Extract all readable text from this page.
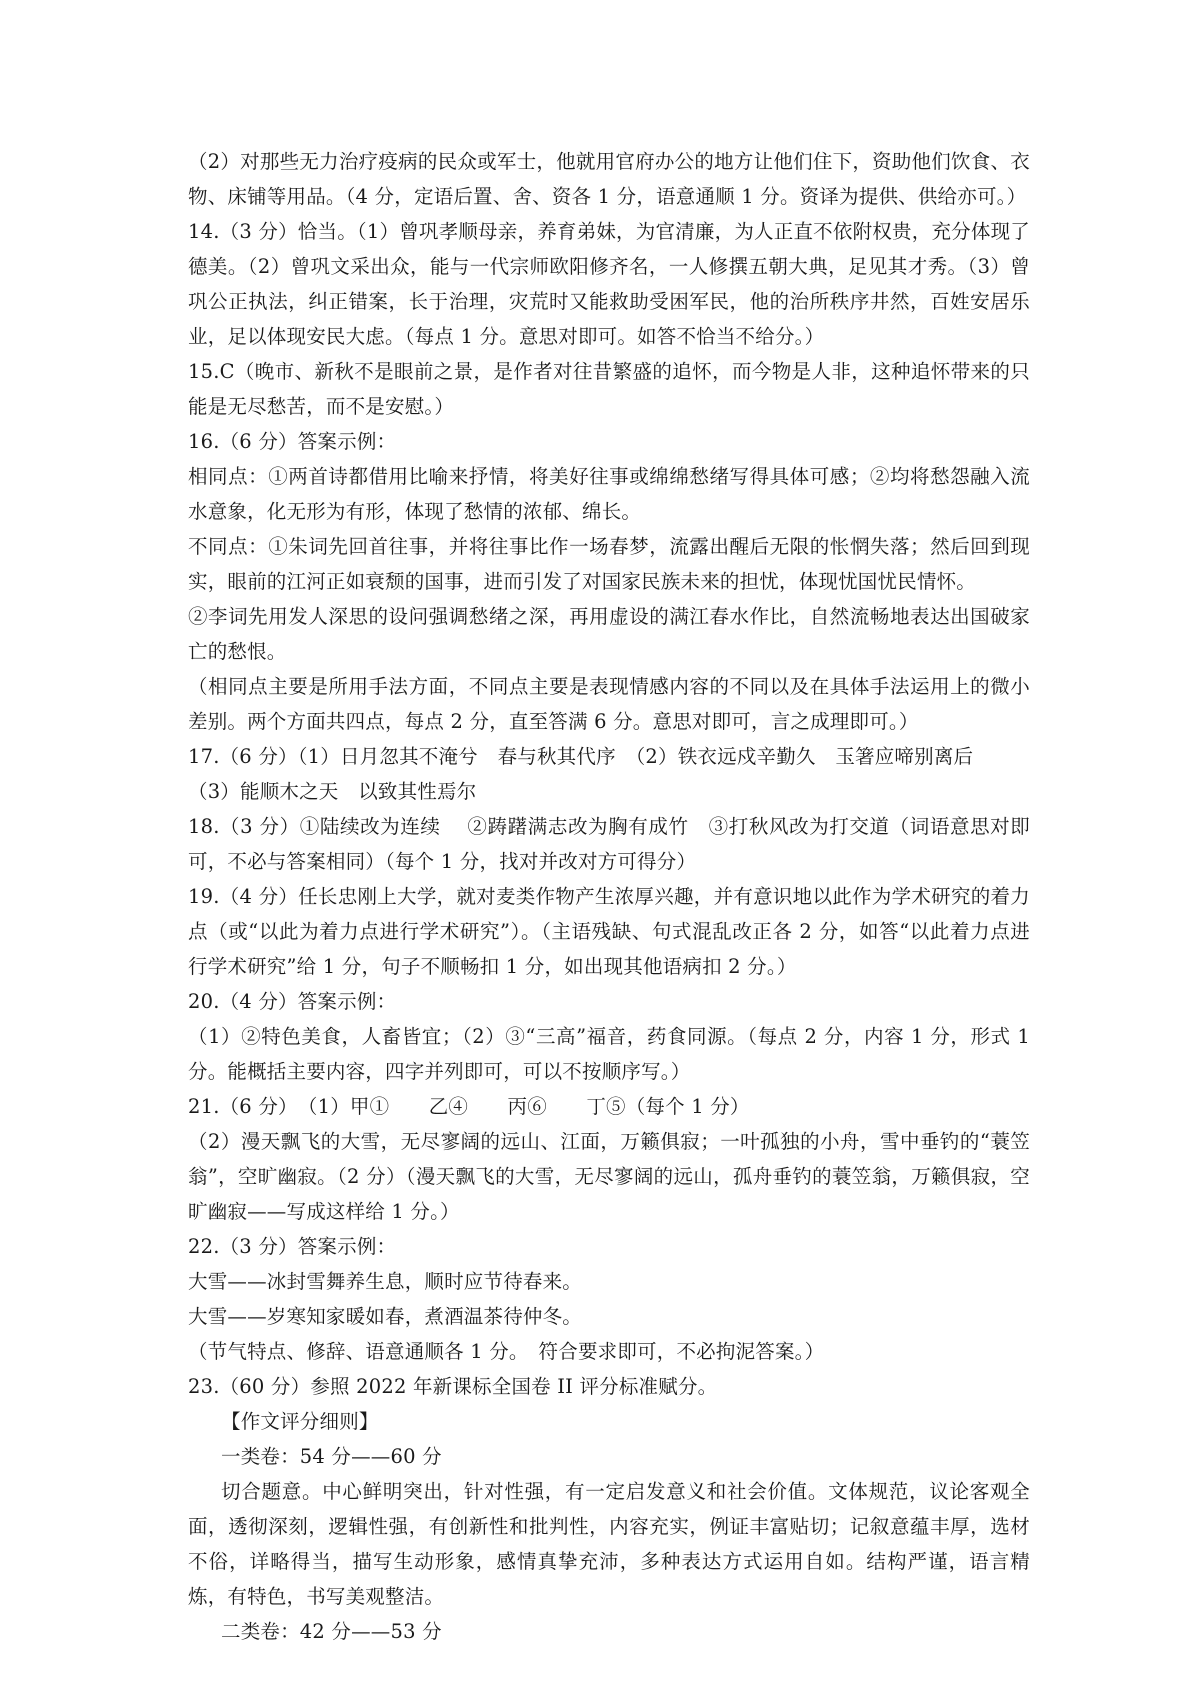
（2）对那些无力治疗疫病的民众或军士，他就用官府办公的地方让他们住下，资助他们饮食、衣物、床铺等用品。（4 分，定语后置、舍、资各 1 分，语意通顺 1 分。资译为提供、供给亦可。）

14.（3 分）恰当。（1）曾巩孝顺母亲，养育弟妹，为官清廉，为人正直不依附权贵，充分体现了德美。（2）曾巩文采出众，能与一代宗师欧阳修齐名，一人修撰五朝大典，足见其才秀。（3）曾巩公正执法，纠正错案，长于治理，灾荒时又能救助受困军民，他的治所秩序井然，百姓安居乐业，足以体现安民大虑。（每点 1 分。意思对即可。如答不恰当不给分。）

15.C（晚市、新秋不是眼前之景，是作者对往昔繁盛的追怀，而今物是人非，这种追怀带来的只能是无尽愁苦，而不是安慰。）

16.（6 分）答案示例：

相同点：①两首诗都借用比喻来抒情，将美好往事或绵绵愁绪写得具体可感；②均将愁怨融入流水意象，化无形为有形，体现了愁情的浓郁、绵长。

不同点：①朱词先回首往事，并将往事比作一场春梦，流露出醒后无限的怅惘失落；然后回到现实，眼前的江河正如衰颓的国事，进而引发了对国家民族未来的担忧，体现忧国忧民情怀。

②李词先用发人深思的设问强调愁绪之深，再用虚设的满江春水作比，自然流畅地表达出国破家亡的愁恨。

（相同点主要是所用手法方面，不同点主要是表现情感内容的不同以及在具体手法运用上的微小差别。两个方面共四点，每点 2 分，直至答满 6 分。意思对即可，言之成理即可。）

17.（6 分）（1）日月忽其不淹兮　春与秋其代序　（2）铁衣远戍辛勤久　玉箸应啼别离后

（3）能顺木之天　以致其性焉尔

18.（3 分）①陆续改为连续　 ②踌躇满志改为胸有成竹　③打秋风改为打交道（词语意思对即可，不必与答案相同）（每个 1 分，找对并改对方可得分）

19.（4 分）任长忠刚上大学，就对麦类作物产生浓厚兴趣，并有意识地以此作为学术研究的着力点（或“以此为着力点进行学术研究”）。（主语残缺、句式混乱改正各 2 分，如答“以此着力点进行学术研究”给 1 分，句子不顺畅扣 1 分，如出现其他语病扣 2 分。）

20.（4 分）答案示例：

（1）②特色美食，人畜皆宜；（2）③“三高”福音，药食同源。（每点 2 分，内容 1 分，形式 1 分。能概括主要内容，四字并列即可，可以不按顺序写。）

21.（6 分）　（1）甲①　　乙④　　丙⑥　　丁⑤（每个 1 分）

（2）漫天飘飞的大雪，无尽寥阔的远山、江面，万籁俱寂；一叶孤独的小舟，雪中垂钓的“蓑笠翁”，空旷幽寂。（2 分）（漫天飘飞的大雪，无尽寥阔的远山，孤舟垂钓的蓑笠翁，万籁俱寂，空旷幽寂——写成这样给 1 分。）

22.（3 分）答案示例：

大雪——冰封雪舞养生息，顺时应节待春来。

大雪——岁寒知家暖如春，煮酒温茶待仲冬。

（节气特点、修辞、语意通顺各 1 分。　符合要求即可，不必拘泥答案。）

23.（60 分）参照 2022 年新课标全国卷 II 评分标准赋分。

【作文评分细则】

一类卷：54 分——60 分

切合题意。中心鲜明突出，针对性强，有一定启发意义和社会价值。文体规范，议论客观全面，透彻深刻，逻辑性强，有创新性和批判性，内容充实，例证丰富贴切；记叙意蕴丰厚，选材不俗，详略得当，描写生动形象，感情真挚充沛，多种表达方式运用自如。结构严谨，语言精炼，有特色，书写美观整洁。

二类卷：42 分——53 分
